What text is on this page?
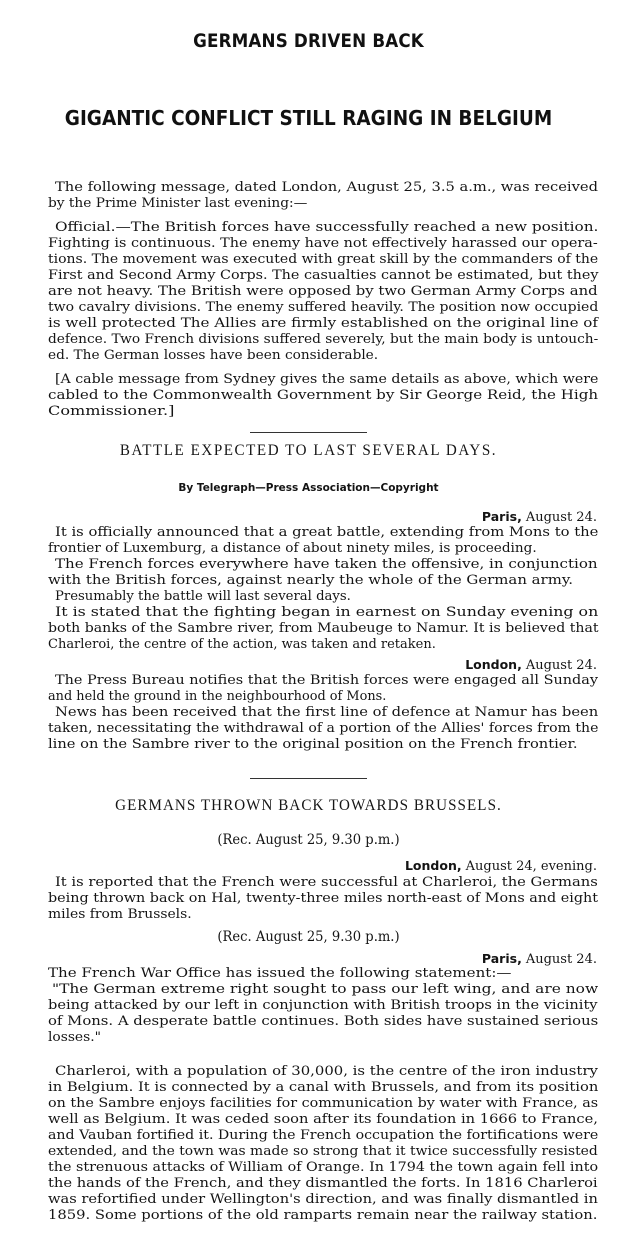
GERMANS DRIVEN BACK
GIGANTIC CONFLICT STILL RAGING IN BELGIUM
The following message, dated London, August 25, 3.5 a.m., was received
by the Prime Minister last evening:—
Official.—The British forces have successfully reached a new position.
Fighting is continuous. The enemy have not effectively harassed our opera-
tions. The movement was executed with great skill by the commanders of the
First and Second Army Corps. The casualties cannot be estimated, but they
are not heavy. The British were opposed by two German Army Corps and
two cavalry divisions. The enemy suffered heavily. The position now occupied
is well protected The Allies are firmly established on the original line of
defence. Two French divisions suffered severely, but the main body is untouch-
ed. The German losses have been considerable.
[A cable message from Sydney gives the same details as above, which were
cabled to the Commonwealth Government by Sir George Reid, the High
Commissioner.]
BATTLE EXPECTED TO LAST SEVERAL DAYS.
By Telegraph—Press Association—Copyright
Paris, August 24.
It is officially announced that a great battle, extending from Mons to the
frontier of Luxemburg, a distance of about ninety miles, is proceeding.
The French forces everywhere have taken the offensive, in conjunction
with the British forces, against nearly the whole of the German army.
Presumably the battle will last several days.
It is stated that the fighting began in earnest on Sunday evening on
both banks of the Sambre river, from Maubeuge to Namur. It is believed that
Charleroi, the centre of the action, was taken and retaken.
London, August 24.
The Press Bureau notifies that the British forces were engaged all Sunday
and held the ground in the neighbourhood of Mons.
News has been received that the first line of defence at Namur has been
taken, necessitating the withdrawal of a portion of the Allies' forces from the
line on the Sambre river to the original position on the French frontier.
GERMANS THROWN BACK TOWARDS BRUSSELS.
(Rec. August 25, 9.30 p.m.)
London, August 24, evening.
It is reported that the French were successful at Charleroi, the Germans
being thrown back on Hal, twenty-three miles north-east of Mons and eight
miles from Brussels.
(Rec. August 25, 9.30 p.m.)
Paris, August 24.
The French War Office has issued the following statement:—
"The German extreme right sought to pass our left wing, and are now
being attacked by our left in conjunction with British troops in the vicinity
of Mons. A desperate battle continues. Both sides have sustained serious
losses."
Charleroi, with a population of 30,000, is the centre of the iron industry
in Belgium. It is connected by a canal with Brussels, and from its position
on the Sambre enjoys facilities for communication by water with France, as
well as Belgium. It was ceded soon after its foundation in 1666 to France,
and Vauban fortified it. During the French occupation the fortifications were
extended, and the town was made so strong that it twice successfully resisted
the strenuous attacks of William of Orange. In 1794 the town again fell into
the hands of the French, and they dismantled the forts. In 1816 Charleroi
was refortified under Wellington's direction, and was finally dismantled in
1859. Some portions of the old ramparts remain near the railway station.
